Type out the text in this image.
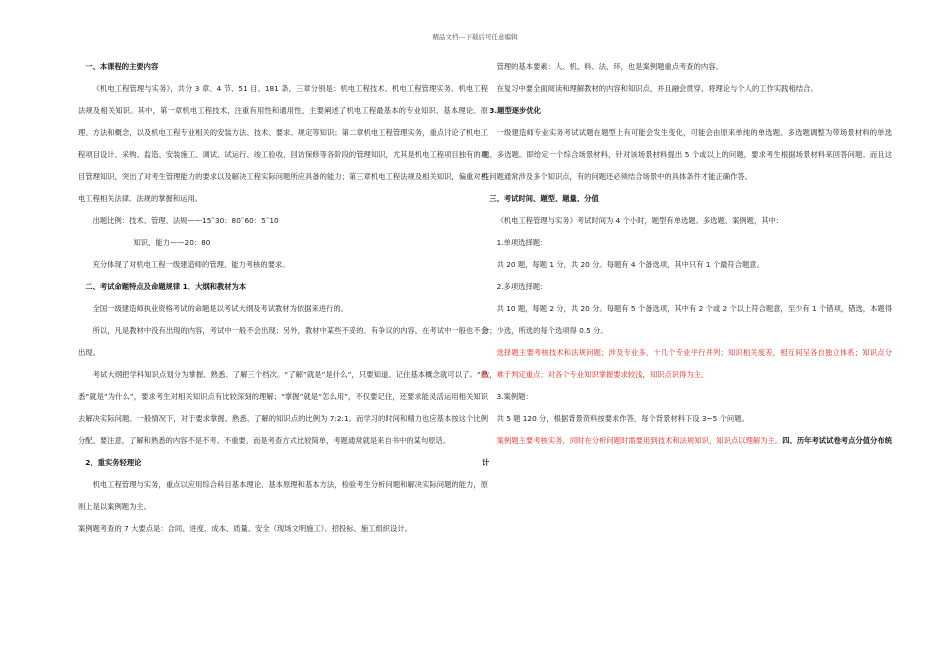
精品文档---下载后可任意编辑

一、本课程的主要内容

《机电工程管理与实务》，共分 3 章、4 节、51 目、181 条，三章分别是：机电工程技术、机电工程管理实务、机电工程法规及相关知识。其中，第一章机电工程技术，注重有用性和通用性，主要阐述了机电工程最基本的专业知识、基本理论、原理、方法和概念，以及机电工程专业相关的安装方法、技术、要求、规定等知识；第二章机电工程管理实务，重点讨论了机电工程项目设计、采购、监造、安装施工、调试、试运行、竣工验收、回访保修等各阶段的管理知识，尤其是机电工程项目独有的项目管理知识，突出了对考生管理能力的要求以及解决工程实际问题所应具备的能力；第三章机电工程法规及相关知识，偏重对机电工程相关法律、法规的掌握和运用。

出题比例：技术、管理、法规——15˜30：80˜60：5˜10

知识、能力——20：80

充分体现了对机电工程一级建造师的管理、能力考核的要求。

二、考试命题特点及命题规律 1．大纲和教材为本

全国一级建造师执业资格考试的命题是以考试大纲及考试教材为依据来进行的。

所以，凡是教材中没有出现的内容，考试中一般不会出现；另外，教材中某些不妥的、有争议的内容，在考试中一般也不会出现。

考试大纲把学科知识点划分为掌握、熟悉、了解三个档次。“了解”就是“是什么”，只要知道、记住基本概念就可以了。“熟悉”就是“为什么”，要求考生对相关知识点有比较深刻的理解；“掌握”就是“怎么用”，不仅要记住，还要求能灵活运用相关知识去解决实际问题。一般情况下，对于要求掌握、熟悉、了解的知识点的比例为 7:2:1。而学习的时间和精力也应基本按这个比例分配。要注意，了解和熟悉的内容不是不考、不重要，而是考查方式比较简单，考题通常就是来自书中的某句原话。

2．重实务轻理论

机电工程管理与实务，重点以应用综合科目基本理论、基本原理和基本方法，检验考生分析问题和解决实际问题的能力，原则上是以案例题为主。

案例题考查的 7 大要点是：合同、进度、成本、质量、安全（现场文明施工）、招投标、施工组织设计。

管理的基本要素：人、机、料、法、环，也是案例题重点考查的内容。

在复习中要全面阅读和理解教材的内容和知识点，并且融会贯穿，将理论与个人的工作实践相结合。

3.题型逐步优化

一级建造师专业实务考试试题在题型上有可能会发生变化，可能会由原来单纯的单选题、多选题调整为带场景材料的单选题、多选题。即给定一个综合场景材料，针对该场景材料提出 5 个或以上的问题，要求考生根据场景材料来回答问题。而且这些问题通常涉及多个知识点，有的问题还必须结合场景中的具体条件才能正确作答。

三、考试时间、题型、题量、分值

《机电工程管理与实务》考试时间为 4 个小时，题型有单选题、多选题、案例题，其中：

1.单项选择题：

共 20 题，每题 1 分，共 20 分。每题有 4 个备选项，其中只有 1 个最符合题意。

2.多项选择题：

共 10 题，每题 2 分，共 20 分。每题有 5 个备选项，其中有 2 个或 2 个以上符合题意，至少有 1 个错项，错选，本题得分；少选，所选的每个选项得 0.5 分。

选择题主要考核技术和法规问题；涉及专业多，十几个专业平行并列；知识相关度差，相互间呈各自独立体系；知识点分散，难于判定重点；对各个专业知识掌握要求较浅，知识点识得为主。

3.案例题：

共 5 题 120 分，根据背景资料按要求作答，每个背景材料下设 3~5 个问题。

案例题主要考核实务，同时在分析问题时需要用到技术和法规知识，知识点以理解为主。四、历年考试试卷考点分值分布统计
